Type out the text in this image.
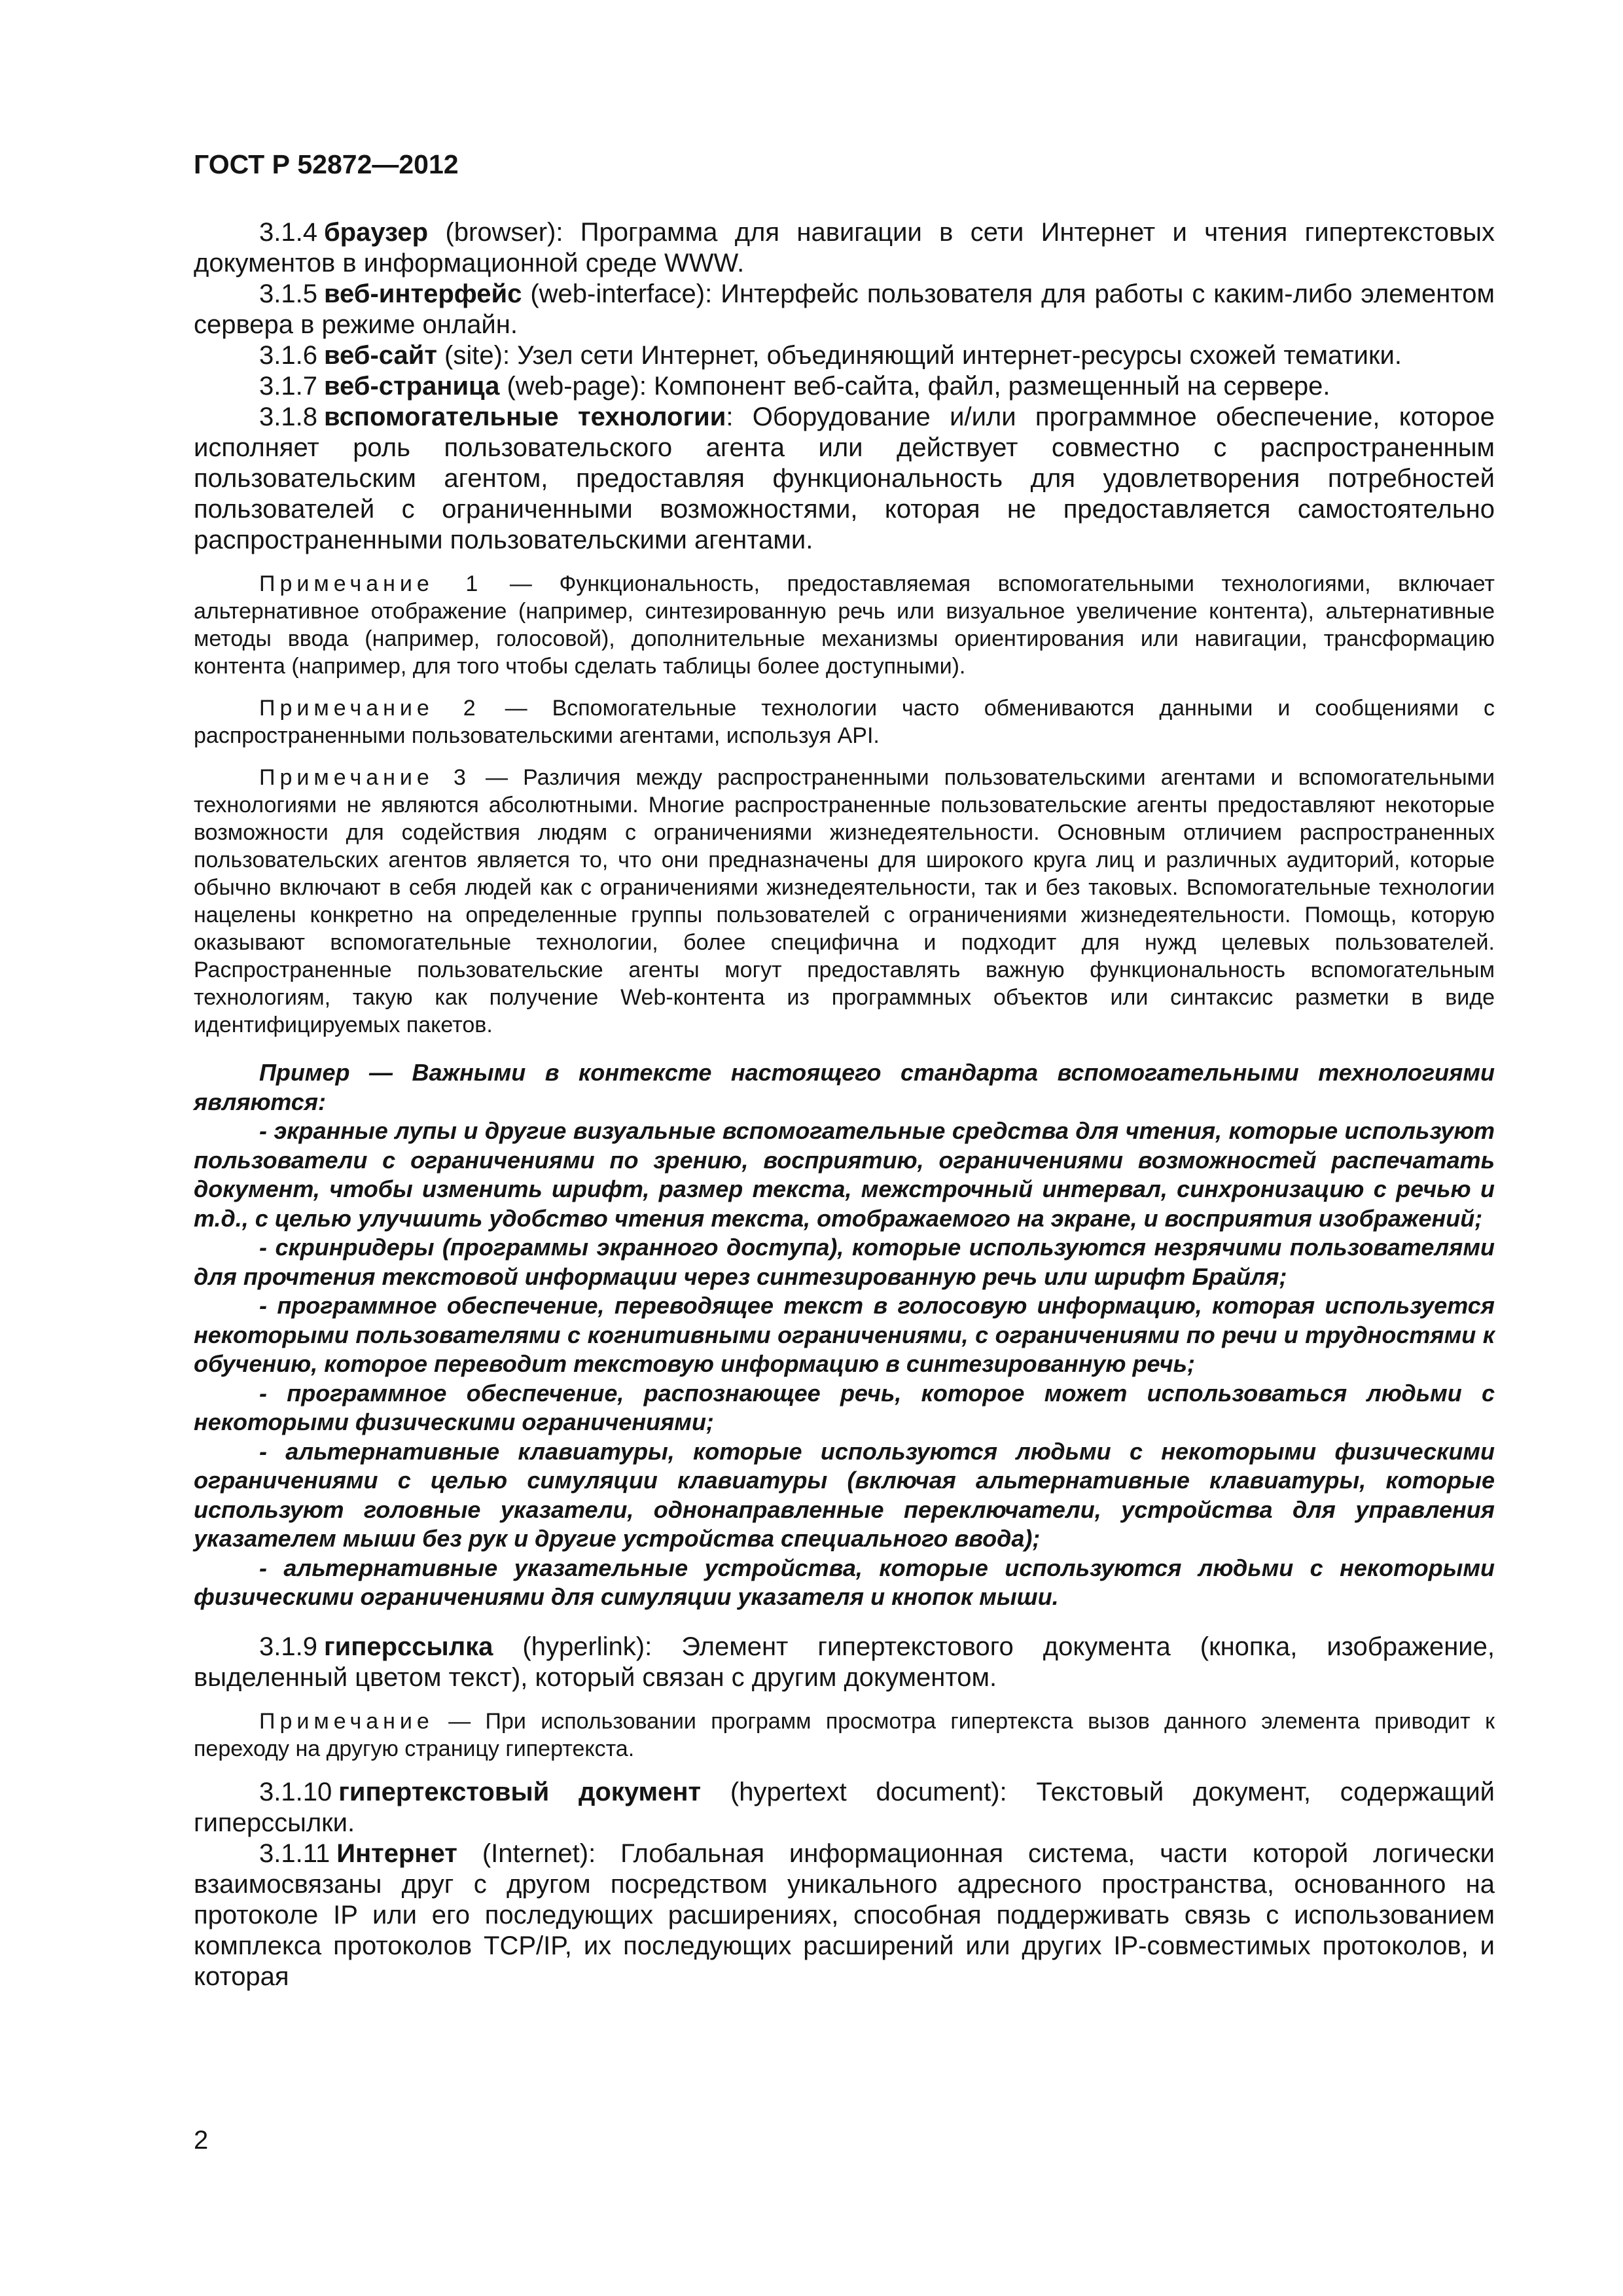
ГОСТ Р 52872—2012

3.1.4 браузер (browser): Программа для навигации в сети Интернет и чтения гипертекстовых документов в информационной среде WWW.

3.1.5 веб-интерфейс (web-interface): Интерфейс пользователя для работы с каким-либо элементом сервера в режиме онлайн.

3.1.6 веб-сайт (site): Узел сети Интернет, объединяющий интернет-ресурсы схожей тематики.

3.1.7 веб-страница (web-page): Компонент веб-сайта, файл, размещенный на сервере.

3.1.8 вспомогательные технологии: Оборудование и/или программное обеспечение, которое исполняет роль пользовательского агента или действует совместно с распространенным пользовательским агентом, предоставляя функциональность для удовлетворения потребностей пользователей с ограниченными возможностями, которая не предоставляется самостоятельно распространенными пользовательскими агентами.

Примечание 1 — Функциональность, предоставляемая вспомогательными технологиями, включает альтернативное отображение (например, синтезированную речь или визуальное увеличение контента), альтернативные методы ввода (например, голосовой), дополнительные механизмы ориентирования или навигации, трансформацию контента (например, для того чтобы сделать таблицы более доступными).

Примечание 2 — Вспомогательные технологии часто обмениваются данными и сообщениями с распространенными пользовательскими агентами, используя API.

Примечание 3 — Различия между распространенными пользовательскими агентами и вспомогательными технологиями не являются абсолютными. Многие распространенные пользовательские агенты предоставляют некоторые возможности для содействия людям с ограничениями жизнедеятельности. Основным отличием распространенных пользовательских агентов является то, что они предназначены для широкого круга лиц и различных аудиторий, которые обычно включают в себя людей как с ограничениями жизнедеятельности, так и без таковых. Вспомогательные технологии нацелены конкретно на определенные группы пользователей с ограничениями жизнедеятельности. Помощь, которую оказывают вспомогательные технологии, более специфична и подходит для нужд целевых пользователей. Распространенные пользовательские агенты могут предоставлять важную функциональность вспомогательным технологиям, такую как получение Web-контента из программных объектов или синтаксис разметки в виде идентифицируемых пакетов.

Пример — Важными в контексте настоящего стандарта вспомогательными технологиями являются:

- экранные лупы и другие визуальные вспомогательные средства для чтения, которые используют пользователи с ограничениями по зрению, восприятию, ограничениями возможностей распечатать документ, чтобы изменить шрифт, размер текста, межстрочный интервал, синхронизацию с речью и т.д., с целью улучшить удобство чтения текста, отображаемого на экране, и восприятия изображений;

- скринридеры (программы экранного доступа), которые используются незрячими пользователями для прочтения текстовой информации через синтезированную речь или шрифт Брайля;

- программное обеспечение, переводящее текст в голосовую информацию, которая используется некоторыми пользователями с когнитивными ограничениями, с ограничениями по речи и трудностями к обучению, которое переводит текстовую информацию в синтезированную речь;

- программное обеспечение, распознающее речь, которое может использоваться людьми с некоторыми физическими ограничениями;

- альтернативные клавиатуры, которые используются людьми с некоторыми физическими ограничениями с целью симуляции клавиатуры (включая альтернативные клавиатуры, которые используют головные указатели, однонаправленные переключатели, устройства для управления указателем мыши без рук и другие устройства специального ввода);

- альтернативные указательные устройства, которые используются людьми с некоторыми физическими ограничениями для симуляции указателя и кнопок мыши.

3.1.9 гиперссылка (hyperlink): Элемент гипертекстового документа (кнопка, изображение, выделенный цветом текст), который связан с другим документом.

Примечание — При использовании программ просмотра гипертекста вызов данного элемента приводит к переходу на другую страницу гипертекста.

3.1.10 гипертекстовый документ (hypertext document): Текстовый документ, содержащий гиперссылки.

3.1.11 Интернет (Internet): Глобальная информационная система, части которой логически взаимосвязаны друг с другом посредством уникального адресного пространства, основанного на протоколе IP или его последующих расширениях, способная поддерживать связь с использованием комплекса протоколов TCP/IP, их последующих расширений или других IP-совместимых протоколов, и которая

2
